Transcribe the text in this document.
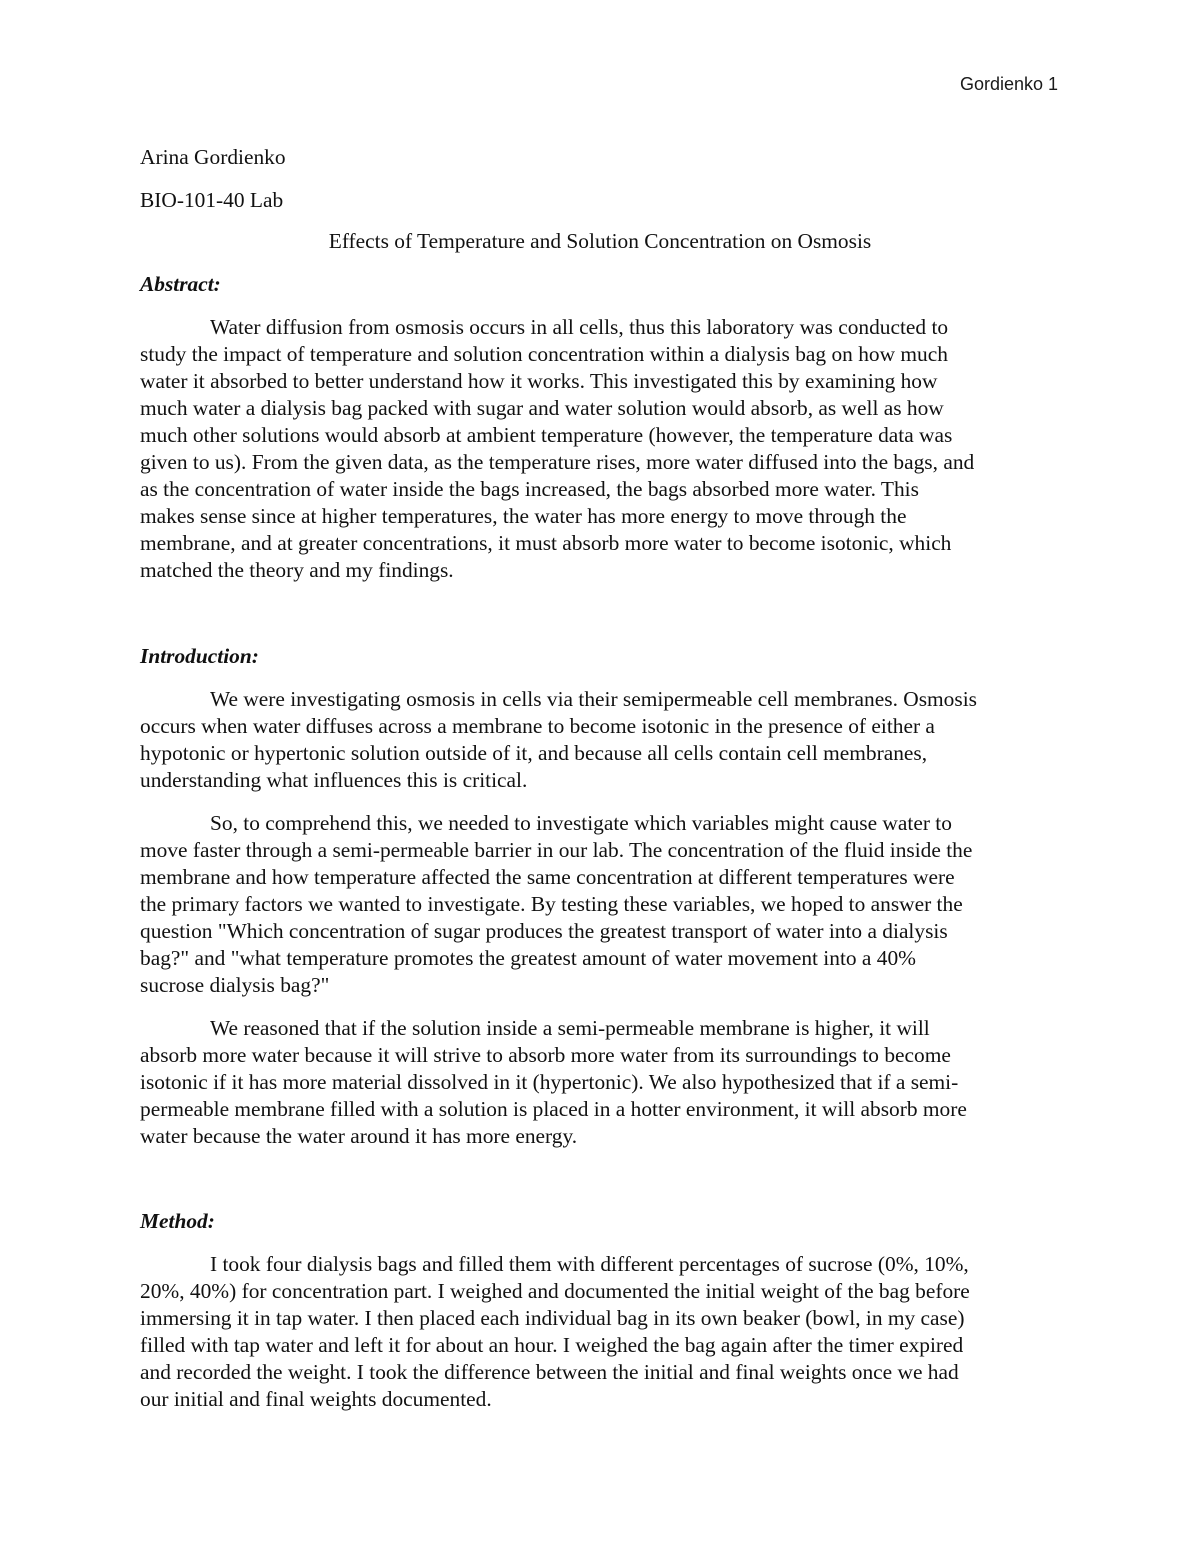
Gordienko 1
Arina Gordienko
BIO-101-40 Lab
Effects of Temperature and Solution Concentration on Osmosis
Abstract:
Water diffusion from osmosis occurs in all cells, thus this laboratory was conducted to
study the impact of temperature and solution concentration within a dialysis bag on how much
water it absorbed to better understand how it works. This investigated this by examining how
much water a dialysis bag packed with sugar and water solution would absorb, as well as how
much other solutions would absorb at ambient temperature (however, the temperature data was
given to us). From the given data, as the temperature rises, more water diffused into the bags, and
as the concentration of water inside the bags increased, the bags absorbed more water. This
makes sense since at higher temperatures, the water has more energy to move through the
membrane, and at greater concentrations, it must absorb more water to become isotonic, which
matched the theory and my findings.
Introduction:
We were investigating osmosis in cells via their semipermeable cell membranes. Osmosis
occurs when water diffuses across a membrane to become isotonic in the presence of either a
hypotonic or hypertonic solution outside of it, and because all cells contain cell membranes,
understanding what influences this is critical.
So, to comprehend this, we needed to investigate which variables might cause water to
move faster through a semi-permeable barrier in our lab. The concentration of the fluid inside the
membrane and how temperature affected the same concentration at different temperatures were
the primary factors we wanted to investigate. By testing these variables, we hoped to answer the
question "Which concentration of sugar produces the greatest transport of water into a dialysis
bag?" and "what temperature promotes the greatest amount of water movement into a 40%
sucrose dialysis bag?"
We reasoned that if the solution inside a semi-permeable membrane is higher, it will
absorb more water because it will strive to absorb more water from its surroundings to become
isotonic if it has more material dissolved in it (hypertonic). We also hypothesized that if a semi-
permeable membrane filled with a solution is placed in a hotter environment, it will absorb more
water because the water around it has more energy.
Method:
I took four dialysis bags and filled them with different percentages of sucrose (0%, 10%,
20%, 40%) for concentration part. I weighed and documented the initial weight of the bag before
immersing it in tap water. I then placed each individual bag in its own beaker (bowl, in my case)
filled with tap water and left it for about an hour. I weighed the bag again after the timer expired
and recorded the weight. I took the difference between the initial and final weights once we had
our initial and final weights documented.
